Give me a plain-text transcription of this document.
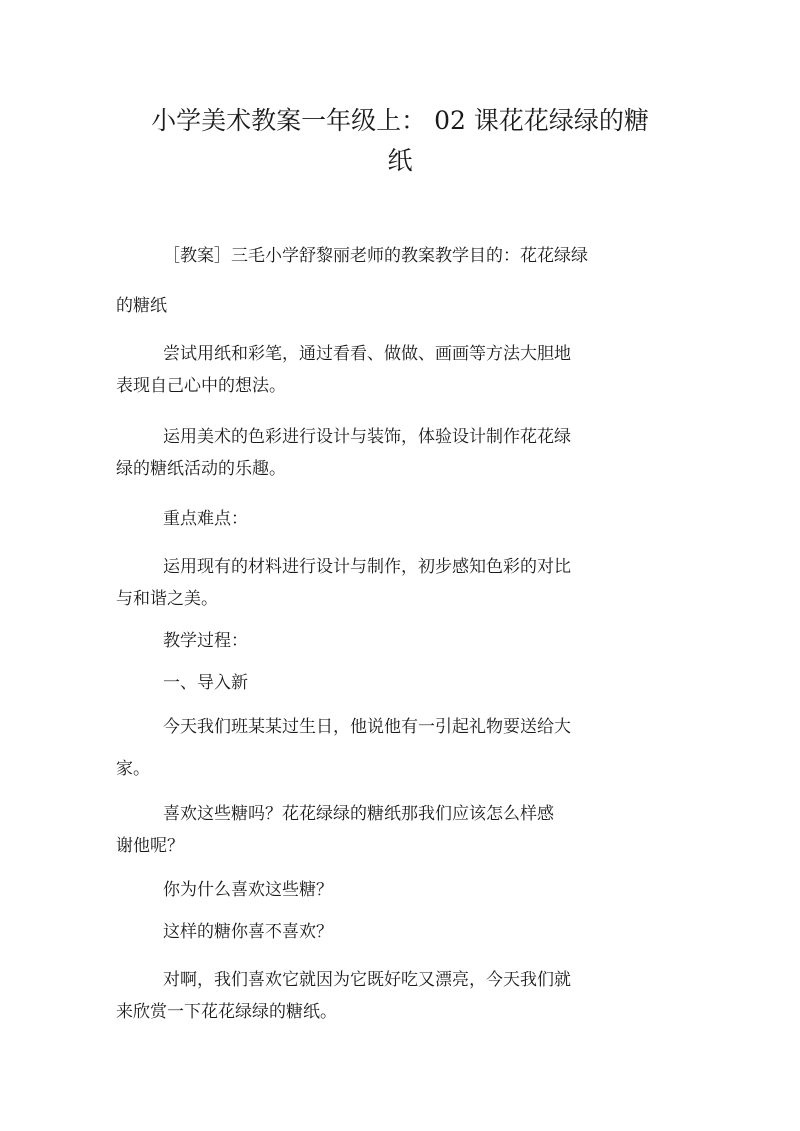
小学美术教案一年级上： 02 课花花绿绿的糖
纸

［教案］三毛小学舒黎丽老师的教案教学目的：花花绿绿

的糖纸

尝试用纸和彩笔，通过看看、做做、画画等方法大胆地

表现自己心中的想法。

运用美术的色彩进行设计与装饰，体验设计制作花花绿

绿的糖纸活动的乐趣。

重点难点：

运用现有的材料进行设计与制作，初步感知色彩的对比

与和谐之美。

教学过程：

一、导入新

今天我们班某某过生日，他说他有一引起礼物要送给大

家。

喜欢这些糖吗？花花绿绿的糖纸那我们应该怎么样感

谢他呢？

你为什么喜欢这些糖？

这样的糖你喜不喜欢？

对啊，我们喜欢它就因为它既好吃又漂亮，今天我们就

来欣赏一下花花绿绿的糖纸。
